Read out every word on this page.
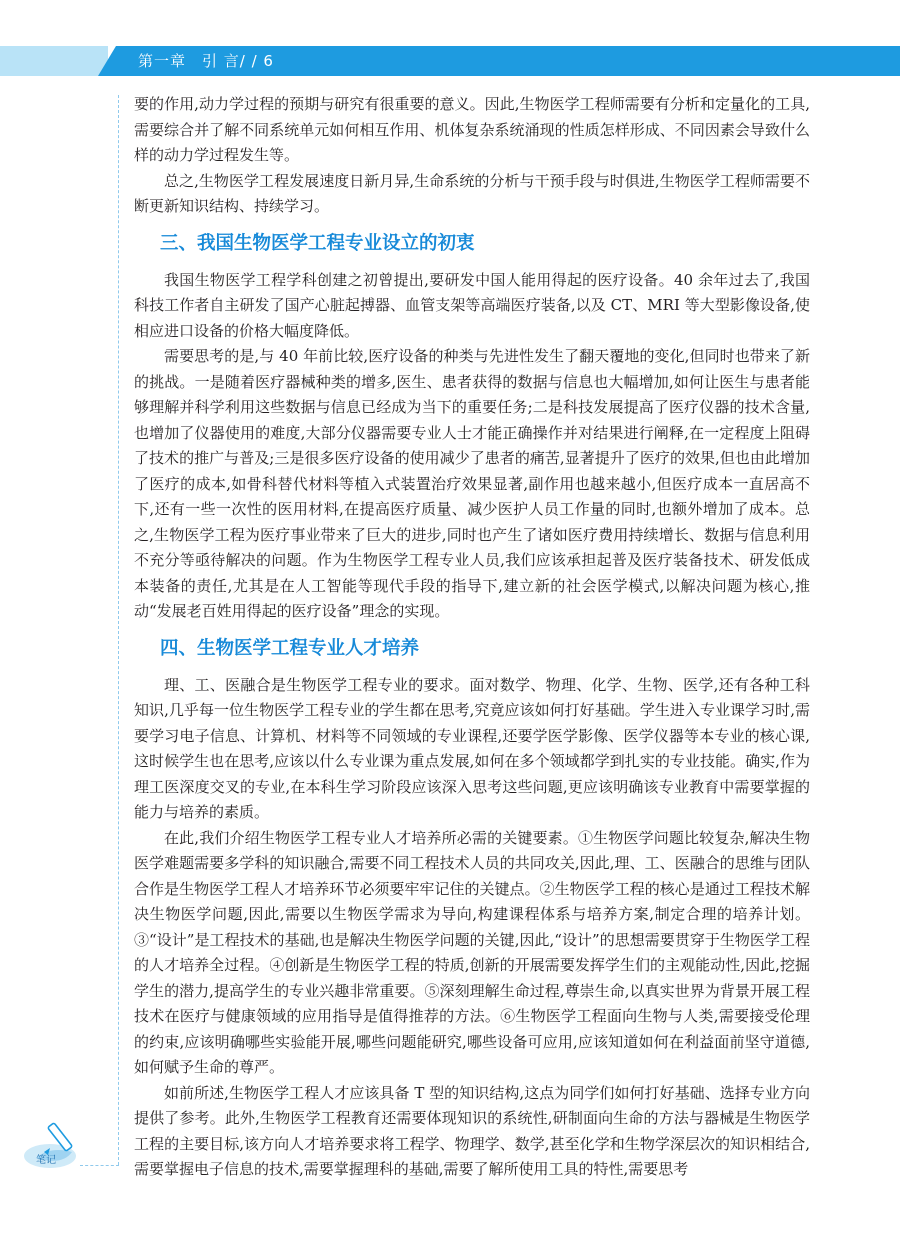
第一章　引 言/ / 6
笔记

要的作用,动力学过程的预期与研究有很重要的意义。因此,生物医学工程师需要有分析和定量化的工具,需要综合并了解不同系统单元如何相互作用、机体复杂系统涌现的性质怎样形成、不同因素会导致什么样的动力学过程发生等。

总之,生物医学工程发展速度日新月异,生命系统的分析与干预手段与时俱进,生物医学工程师需要不断更新知识结构、持续学习。

三、我国生物医学工程专业设立的初衷

我国生物医学工程学科创建之初曾提出,要研发中国人能用得起的医疗设备。40 余年过去了,我国科技工作者自主研发了国产心脏起搏器、血管支架等高端医疗装备,以及 CT、MRI 等大型影像设备,使相应进口设备的价格大幅度降低。

需要思考的是,与 40 年前比较,医疗设备的种类与先进性发生了翻天覆地的变化,但同时也带来了新的挑战。一是随着医疗器械种类的增多,医生、患者获得的数据与信息也大幅增加,如何让医生与患者能够理解并科学利用这些数据与信息已经成为当下的重要任务;二是科技发展提高了医疗仪器的技术含量,也增加了仪器使用的难度,大部分仪器需要专业人士才能正确操作并对结果进行阐释,在一定程度上阻碍了技术的推广与普及;三是很多医疗设备的使用减少了患者的痛苦,显著提升了医疗的效果,但也由此增加了医疗的成本,如骨科替代材料等植入式装置治疗效果显著,副作用也越来越小,但医疗成本一直居高不下,还有一些一次性的医用材料,在提高医疗质量、减少医护人员工作量的同时,也额外增加了成本。总之,生物医学工程为医疗事业带来了巨大的进步,同时也产生了诸如医疗费用持续增长、数据与信息利用不充分等亟待解决的问题。作为生物医学工程专业人员,我们应该承担起普及医疗装备技术、研发低成本装备的责任,尤其是在人工智能等现代手段的指导下,建立新的社会医学模式,以解决问题为核心,推动“发展老百姓用得起的医疗设备”理念的实现。

四、生物医学工程专业人才培养

理、工、医融合是生物医学工程专业的要求。面对数学、物理、化学、生物、医学,还有各种工科知识,几乎每一位生物医学工程专业的学生都在思考,究竟应该如何打好基础。学生进入专业课学习时,需要学习电子信息、计算机、材料等不同领域的专业课程,还要学医学影像、医学仪器等本专业的核心课,这时候学生也在思考,应该以什么专业课为重点发展,如何在多个领域都学到扎实的专业技能。确实,作为理工医深度交叉的专业,在本科生学习阶段应该深入思考这些问题,更应该明确该专业教育中需要掌握的能力与培养的素质。

在此,我们介绍生物医学工程专业人才培养所必需的关键要素。①生物医学问题比较复杂,解决生物医学难题需要多学科的知识融合,需要不同工程技术人员的共同攻关,因此,理、工、医融合的思维与团队合作是生物医学工程人才培养环节必须要牢牢记住的关键点。②生物医学工程的核心是通过工程技术解决生物医学问题,因此,需要以生物医学需求为导向,构建课程体系与培养方案,制定合理的培养计划。③“设计”是工程技术的基础,也是解决生物医学问题的关键,因此,“设计”的思想需要贯穿于生物医学工程的人才培养全过程。④创新是生物医学工程的特质,创新的开展需要发挥学生们的主观能动性,因此,挖掘学生的潜力,提高学生的专业兴趣非常重要。⑤深刻理解生命过程,尊崇生命,以真实世界为背景开展工程技术在医疗与健康领域的应用指导是值得推荐的方法。⑥生物医学工程面向生物与人类,需要接受伦理的约束,应该明确哪些实验能开展,哪些问题能研究,哪些设备可应用,应该知道如何在利益面前坚守道德,如何赋予生命的尊严。

如前所述,生物医学工程人才应该具备 T 型的知识结构,这点为同学们如何打好基础、选择专业方向提供了参考。此外,生物医学工程教育还需要体现知识的系统性,研制面向生命的方法与器械是生物医学工程的主要目标,该方向人才培养要求将工程学、物理学、数学,甚至化学和生物学深层次的知识相结合,需要掌握电子信息的技术,需要掌握理科的基础,需要了解所使用工具的特性,需要思考
